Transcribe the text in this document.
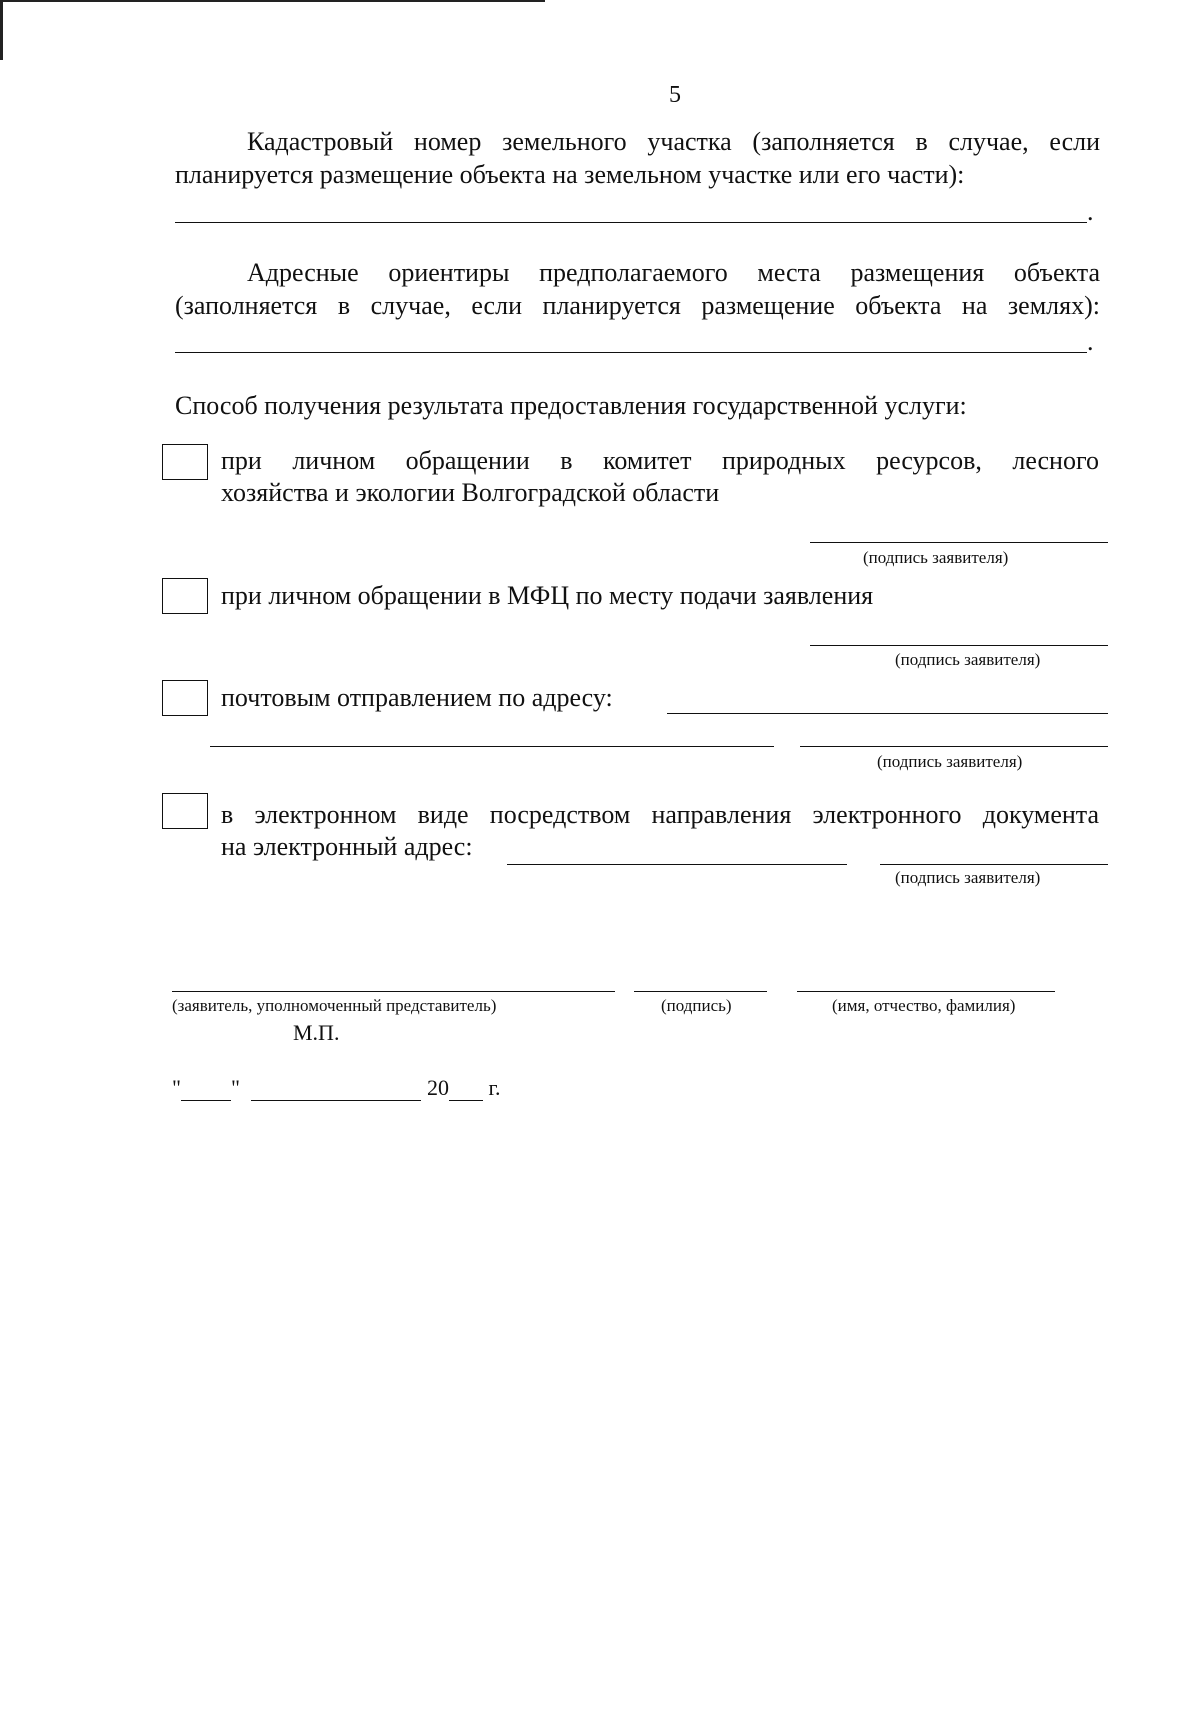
5
Кадастровый номер земельного участка (заполняется в случае, если
планируется размещение объекта на земельном участке или его части):
.
Адресные ориентиры предполагаемого места размещения объекта
(заполняется в случае, если планируется размещение объекта на землях):
.
Способ получения результата предоставления государственной услуги:
при личном обращении в комитет природных ресурсов, лесного
хозяйства и экологии Волгоградской области
(подпись заявителя)
при личном обращении в МФЦ по месту подачи заявления
(подпись заявителя)
почтовым отправлением по адресу:
(подпись заявителя)
в электронном виде посредством направления электронного документа
на электронный адрес:
(подпись заявителя)
(заявитель, уполномоченный представитель)	(подпись)	(имя, отчество, фамилия)
М.П.
" "	20 г.
